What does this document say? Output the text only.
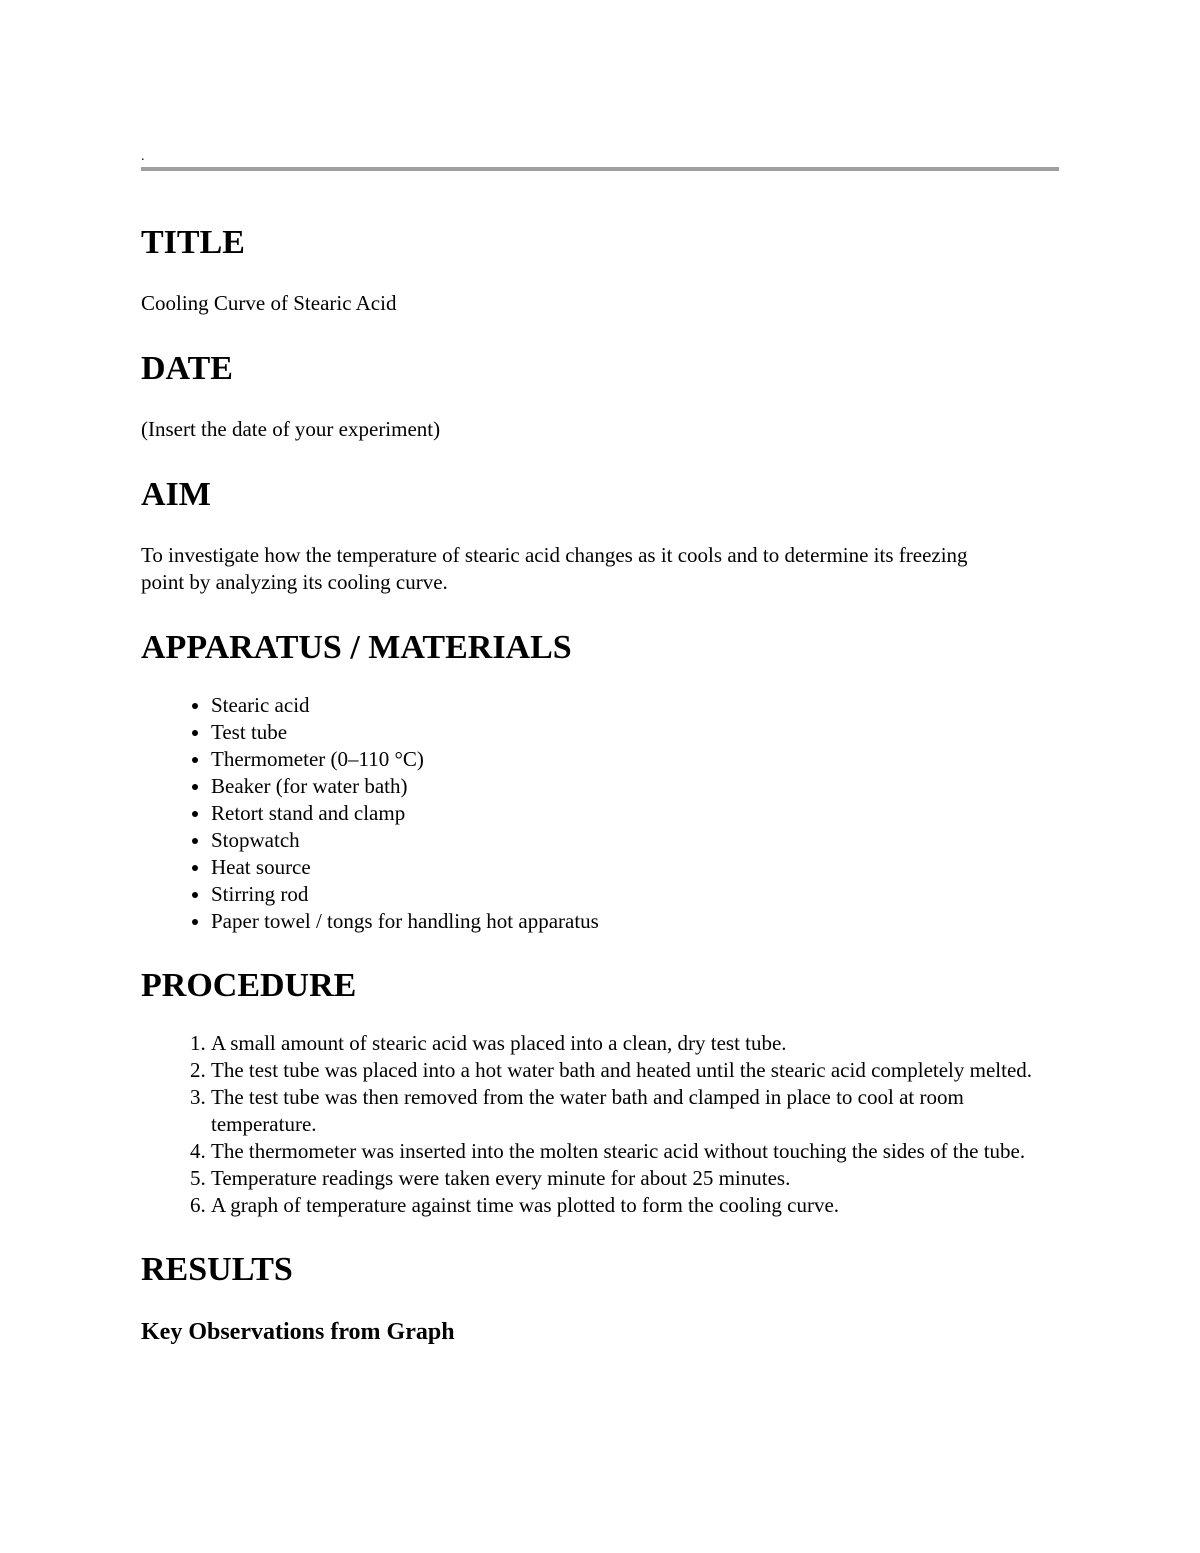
.
TITLE

Cooling Curve of Stearic Acid

DATE

(Insert the date of your experiment)

AIM

To investigate how the temperature of stearic acid changes as it cools and to determine its freezing point by analyzing its cooling curve.

APPARATUS / MATERIALS
• Stearic acid
• Test tube
• Thermometer (0–110 °C)
• Beaker (for water bath)
• Retort stand and clamp
• Stopwatch
• Heat source
• Stirring rod
• Paper towel / tongs for handling hot apparatus
PROCEDURE
1. A small amount of stearic acid was placed into a clean, dry test tube.
2. The test tube was placed into a hot water bath and heated until the stearic acid completely melted.
3. The test tube was then removed from the water bath and clamped in place to cool at room temperature.
4. The thermometer was inserted into the molten stearic acid without touching the sides of the tube.
5. Temperature readings were taken every minute for about 25 minutes.
6. A graph of temperature against time was plotted to form the cooling curve.
RESULTS
Key Observations from Graph
